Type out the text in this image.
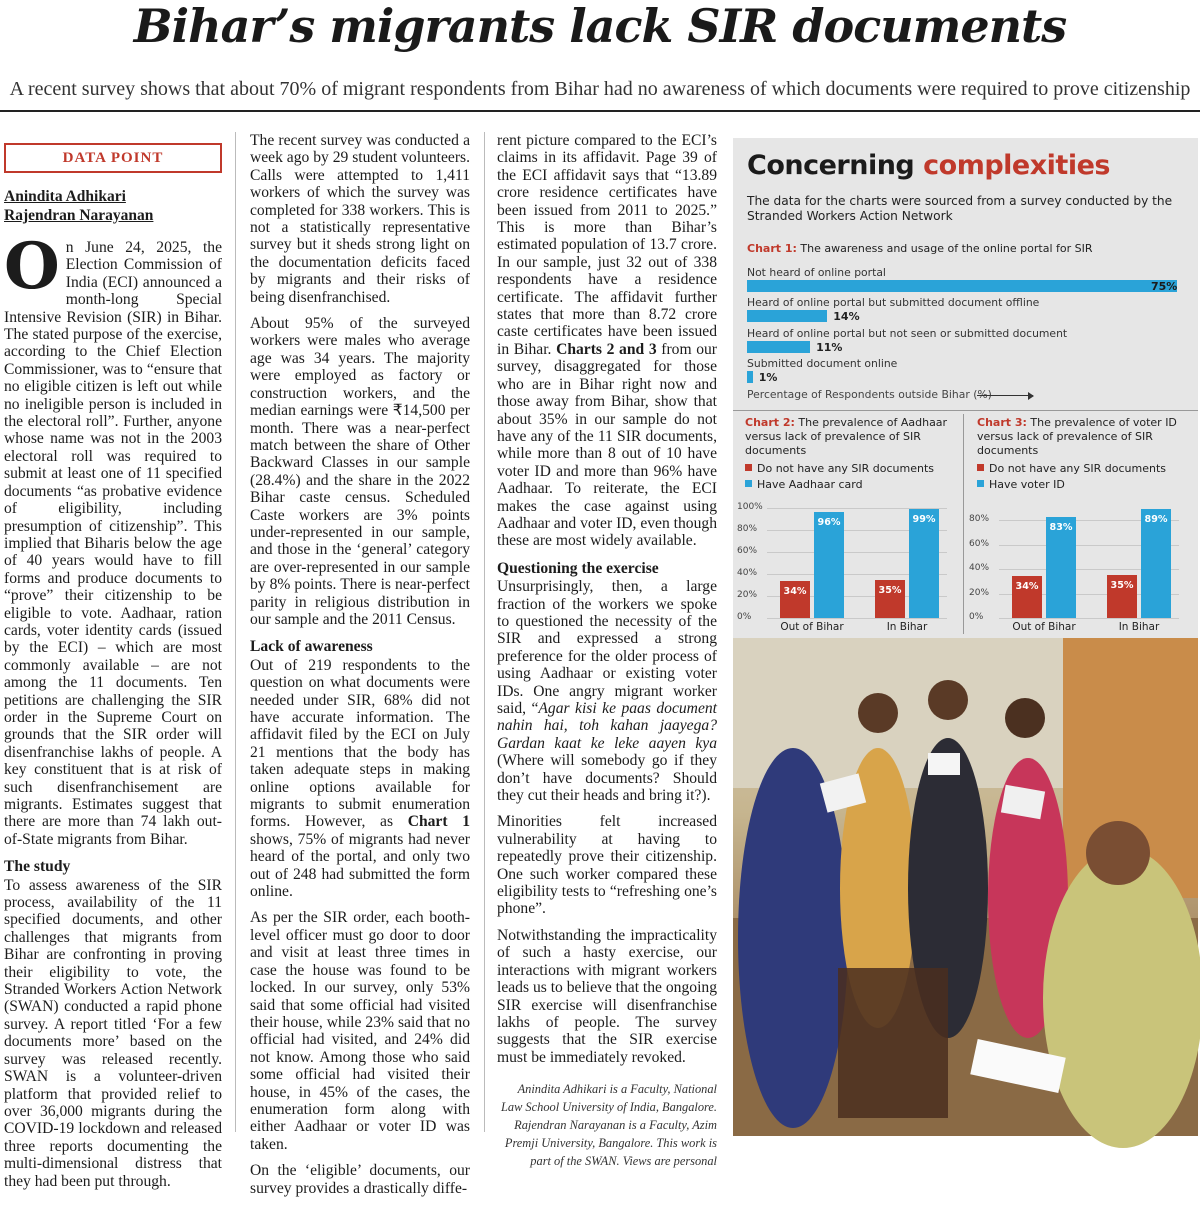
Bihar’s migrants lack SIR documents
A recent survey shows that about 70% of migrant respondents from Bihar had no awareness of which documents were required to prove citizenship
DATA POINT
Anindita Adhikari
Rajendran Narayanan

On June 24, 2025, the Election Commission of India (ECI) announced a month-long Special Intensive Revision (SIR) in Bihar. The stated purpose of the exercise, according to the Chief Election Commissioner, was to “ensure that no eligible citizen is left out while no ineligible person is included in the electoral roll”. Further, anyone whose name was not in the 2003 electoral roll was required to submit at least one of 11 specified documents “as probative evidence of eligibility, including presumption of citizenship”. This implied that Biharis below the age of 40 years would have to fill forms and produce documents to “prove” their citizenship to be eligible to vote. Aadhaar, ration cards, voter identity cards (issued by the ECI) – which are most commonly available – are not among the 11 documents. Ten petitions are challenging the SIR order in the Supreme Court on grounds that the SIR order will disenfranchise lakhs of people. A key constituent that is at risk of such disenfranchisement are migrants. Estimates suggest that there are more than 74 lakh out-of-State migrants from Bihar.

The study

To assess awareness of the SIR process, availability of the 11 specified documents, and other challenges that migrants from Bihar are confronting in proving their eligibility to vote, the Stranded Workers Action Network (SWAN) conducted a rapid phone survey. A report titled ‘For a few documents more’ based on the survey was released recently. SWAN is a volunteer-driven platform that provided relief to over 36,000 migrants during the COVID-19 lockdown and released three reports documenting the multi-dimensional distress that they had been put through.

The recent survey was conducted a week ago by 29 student volunteers. Calls were attempted to 1,411 workers of which the survey was completed for 338 workers. This is not a statistically representative survey but it sheds strong light on the documentation deficits faced by migrants and their risks of being disenfranchised.

About 95% of the surveyed workers were males who average age was 34 years. The majority were employed as factory or construction workers, and the median earnings were ₹14,500 per month. There was a near-perfect match between the share of Other Backward Classes in our sample (28.4%) and the share in the 2022 Bihar caste census. Scheduled Caste workers are 3% points under-represented in our sample, and those in the ‘general’ category are over-represented in our sample by 8% points. There is near-perfect parity in religious distribution in our sample and the 2011 Census.

Lack of awareness

Out of 219 respondents to the question on what documents were needed under SIR, 68% did not have accurate information. The affidavit filed by the ECI on July 21 mentions that the body has taken adequate steps in making online options available for migrants to submit enumeration forms. However, as Chart 1 shows, 75% of migrants had never heard of the portal, and only two out of 248 had submitted the form online.

As per the SIR order, each booth-level officer must go door to door and visit at least three times in case the house was found to be locked. In our survey, only 53% said that some official had visited their house, while 23% said that no official had visited, and 24% did not know. Among those who said some official had visited their house, in 45% of the cases, the enumeration form along with either Aadhaar or voter ID was taken.

On the ‘eligible’ documents, our survey provides a drastically diffe-

rent picture compared to the ECI’s claims in its affidavit. Page 39 of the ECI affidavit says that “13.89 crore residence certificates have been issued from 2011 to 2025.” This is more than Bihar’s estimated population of 13.7 crore. In our sample, just 32 out of 338 respondents have a residence certificate. The affidavit further states that more than 8.72 crore caste certificates have been issued in Bihar. Charts 2 and 3 from our survey, disaggregated for those who are in Bihar right now and those away from Bihar, show that about 35% in our sample do not have any of the 11 SIR documents, while more than 8 out of 10 have voter ID and more than 96% have Aadhaar. To reiterate, the ECI makes the case against using Aadhaar and voter ID, even though these are most widely available.

Questioning the exercise

Unsurprisingly, then, a large fraction of the workers we spoke to questioned the necessity of the SIR and expressed a strong preference for the older process of using Aadhaar or existing voter IDs. One angry migrant worker said, “Agar kisi ke paas document nahin hai, toh kahan jaayega? Gardan kaat ke leke aayen kya (Where will somebody go if they don’t have documents? Should they cut their heads and bring it?).

Minorities felt increased vulnerability at having to repeatedly prove their citizenship. One such worker compared these eligibility tests to “refreshing one’s phone”.

Notwithstanding the impracticality of such a hasty exercise, our interactions with migrant workers leads us to believe that the ongoing SIR exercise will disenfranchise lakhs of people. The survey suggests that the SIR exercise must be immediately revoked.

Anindita Adhikari is a Faculty, National Law School University of India, Bangalore. Rajendran Narayanan is a Faculty, Azim Premji University, Bangalore. This work is part of the SWAN. Views are personal
Concerning complexities
The data for the charts were sourced from a survey conducted by the Stranded Workers Action Network
Chart 1: The awareness and usage of the online portal for SIR
Percentage of Respondents outside Bihar (%)
Chart 2: The prevalence of Aadhaar versus lack of prevalence of SIR documents
Do not have any SIR documents
Have Aadhaar card
0%
20%
40%
60%
80%
100%
34%
96%
Out of Bihar
35%
99%
In Bihar
Chart 3: The prevalence of voter ID versus lack of prevalence of SIR documents
Do not have any SIR documents
Have voter ID
0%
20%
40%
60%
80%
34%
83%
Out of Bihar
35%
89%
In Bihar
Not heard of online portal
75%
Heard of online portal but submitted document offline
14%
Heard of online portal but not seen or submitted document
11%
Submitted document online
1%
